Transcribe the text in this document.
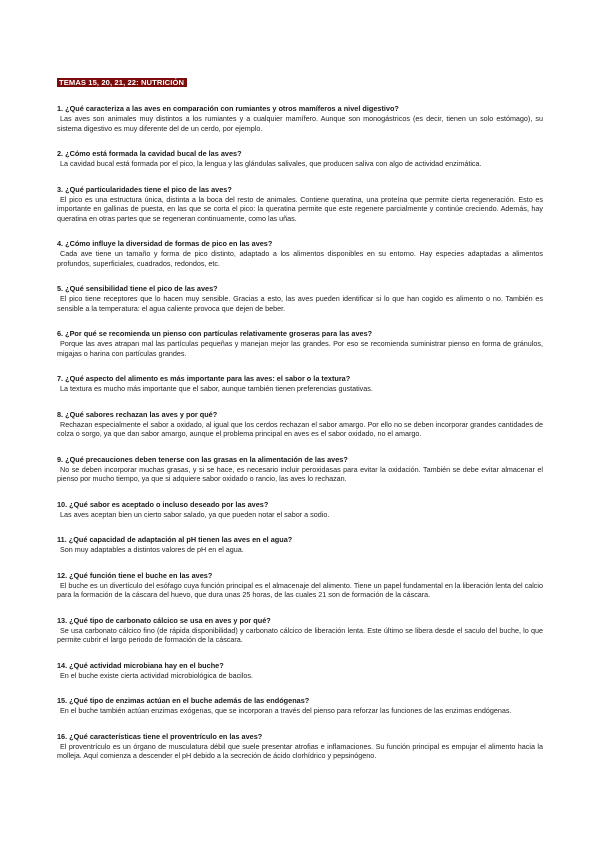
TEMAS 15, 20, 21, 22: NUTRICIÓN

1. ¿Qué caracteriza a las aves en comparación con rumiantes y otros mamíferos a nivel digestivo?

Las aves son animales muy distintos a los rumiantes y a cualquier mamífero. Aunque son monogástricos (es decir, tienen un solo estómago), su sistema digestivo es muy diferente del de un cerdo, por ejemplo.

2. ¿Cómo está formada la cavidad bucal de las aves?

La cavidad bucal está formada por el pico, la lengua y las glándulas salivales, que producen saliva con algo de actividad enzimática.

3. ¿Qué particularidades tiene el pico de las aves?

El pico es una estructura única, distinta a la boca del resto de animales. Contiene queratina, una proteína que permite cierta regeneración. Esto es importante en gallinas de puesta, en las que se corta el pico: la queratina permite que este regenere parcialmente y continúe creciendo. Además, hay queratina en otras partes que se regeneran continuamente, como las uñas.

4. ¿Cómo influye la diversidad de formas de pico en las aves?

Cada ave tiene un tamaño y forma de pico distinto, adaptado a los alimentos disponibles en su entorno. Hay especies adaptadas a alimentos profundos, superficiales, cuadrados, redondos, etc.

5. ¿Qué sensibilidad tiene el pico de las aves?

El pico tiene receptores que lo hacen muy sensible. Gracias a esto, las aves pueden identificar si lo que han cogido es alimento o no. También es sensible a la temperatura: el agua caliente provoca que dejen de beber.

6. ¿Por qué se recomienda un pienso con partículas relativamente groseras para las aves?

Porque las aves atrapan mal las partículas pequeñas y manejan mejor las grandes. Por eso se recomienda suministrar pienso en forma de gránulos, migajas o harina con partículas grandes.

7. ¿Qué aspecto del alimento es más importante para las aves: el sabor o la textura?

La textura es mucho más importante que el sabor, aunque también tienen preferencias gustativas.

8. ¿Qué sabores rechazan las aves y por qué?

Rechazan especialmente el sabor a oxidado, al igual que los cerdos rechazan el sabor amargo. Por ello no se deben incorporar grandes cantidades de colza o sorgo, ya que dan sabor amargo, aunque el problema principal en aves es el sabor oxidado, no el amargo.

9. ¿Qué precauciones deben tenerse con las grasas en la alimentación de las aves?

No se deben incorporar muchas grasas, y si se hace, es necesario incluir peroxidasas para evitar la oxidación. También se debe evitar almacenar el pienso por mucho tiempo, ya que si adquiere sabor oxidado o rancio, las aves lo rechazan.

10. ¿Qué sabor es aceptado o incluso deseado por las aves?

Las aves aceptan bien un cierto sabor salado, ya que pueden notar el sabor a sodio.

11. ¿Qué capacidad de adaptación al pH tienen las aves en el agua?

Son muy adaptables a distintos valores de pH en el agua.

12. ¿Qué función tiene el buche en las aves?

El buche es un divertículo del esófago cuya función principal es el almacenaje del alimento. Tiene un papel fundamental en la liberación lenta del calcio para la formación de la cáscara del huevo, que dura unas 25 horas, de las cuales 21 son de formación de la cáscara.

13. ¿Qué tipo de carbonato cálcico se usa en aves y por qué?

Se usa carbonato cálcico fino (de rápida disponibilidad) y carbonato cálcico de liberación lenta. Este último se libera desde el saculo del buche, lo que permite cubrir el largo periodo de formación de la cáscara.

14. ¿Qué actividad microbiana hay en el buche?

En el buche existe cierta actividad microbiológica de bacilos.

15. ¿Qué tipo de enzimas actúan en el buche además de las endógenas?

En el buche también actúan enzimas exógenas, que se incorporan a través del pienso para reforzar las funciones de las enzimas endógenas.

16. ¿Qué características tiene el proventrículo en las aves?

El proventrículo es un órgano de musculatura débil que suele presentar atrofias e inflamaciones. Su función principal es empujar el alimento hacia la molleja. Aquí comienza a descender el pH debido a la secreción de ácido clorhídrico y pepsinógeno.
